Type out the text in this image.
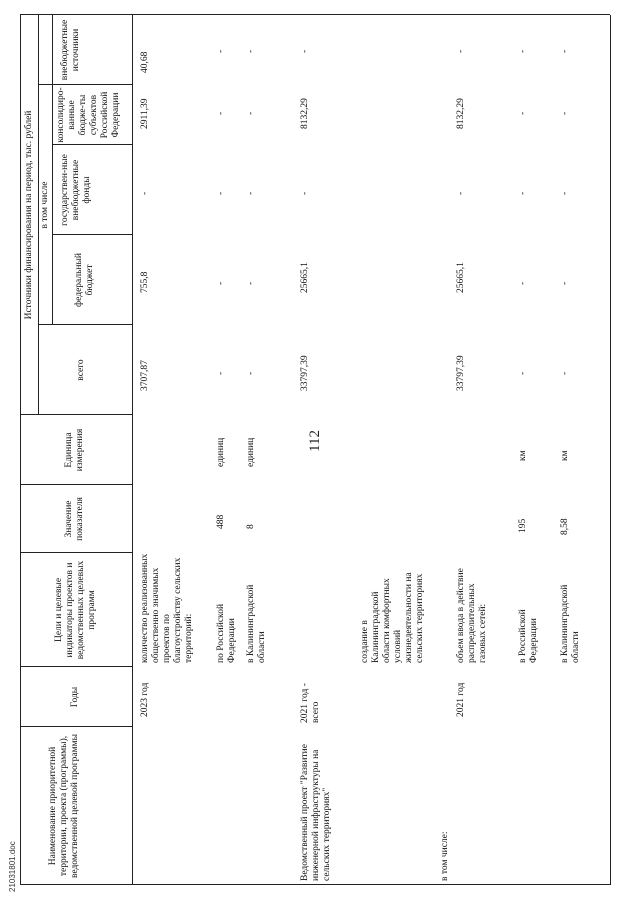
112
21031801.doc
Наименование приоритетной территории, проекта (программы), ведомственной целевой программы
Годы
Цели и целевые индикаторы проектов и ведомственных целевых программ
Значение показателя
Единица измерения
Источники финансирования на период, тыс. рублей
всего
в том числе
федеральный бюджет
государствен-ные внебюджетные фонды
консолидиро-ванные бюдже-ты субъектов Российской Федерации
внебюджетные источники
2023 год
количество реализованных общественно значимых проектов по благоустройству сельских территорий:
3707,87
755,8
-
2911,39
40,68
по Российской Федерации
488
единиц
-
-
-
-
-
в Калининградской области
8
единиц
-
-
-
-
-
Ведомственный проект "Развитие инженерной инфраструктуры на сельских территориях"
2021 год - всего
33797,39
25665,1
-
8132,29
-
создание в Калининградской области комфортных условий жизнедеятельности на сельских территориях
в том числе:
2021 год
объем ввода в действие распределительных газовых сетей:
33797,39
25665,1
-
8132,29
-
в Российской Федерации
195
км
-
-
-
-
-
в Калининградской области
8,58
км
-
-
-
-
-
